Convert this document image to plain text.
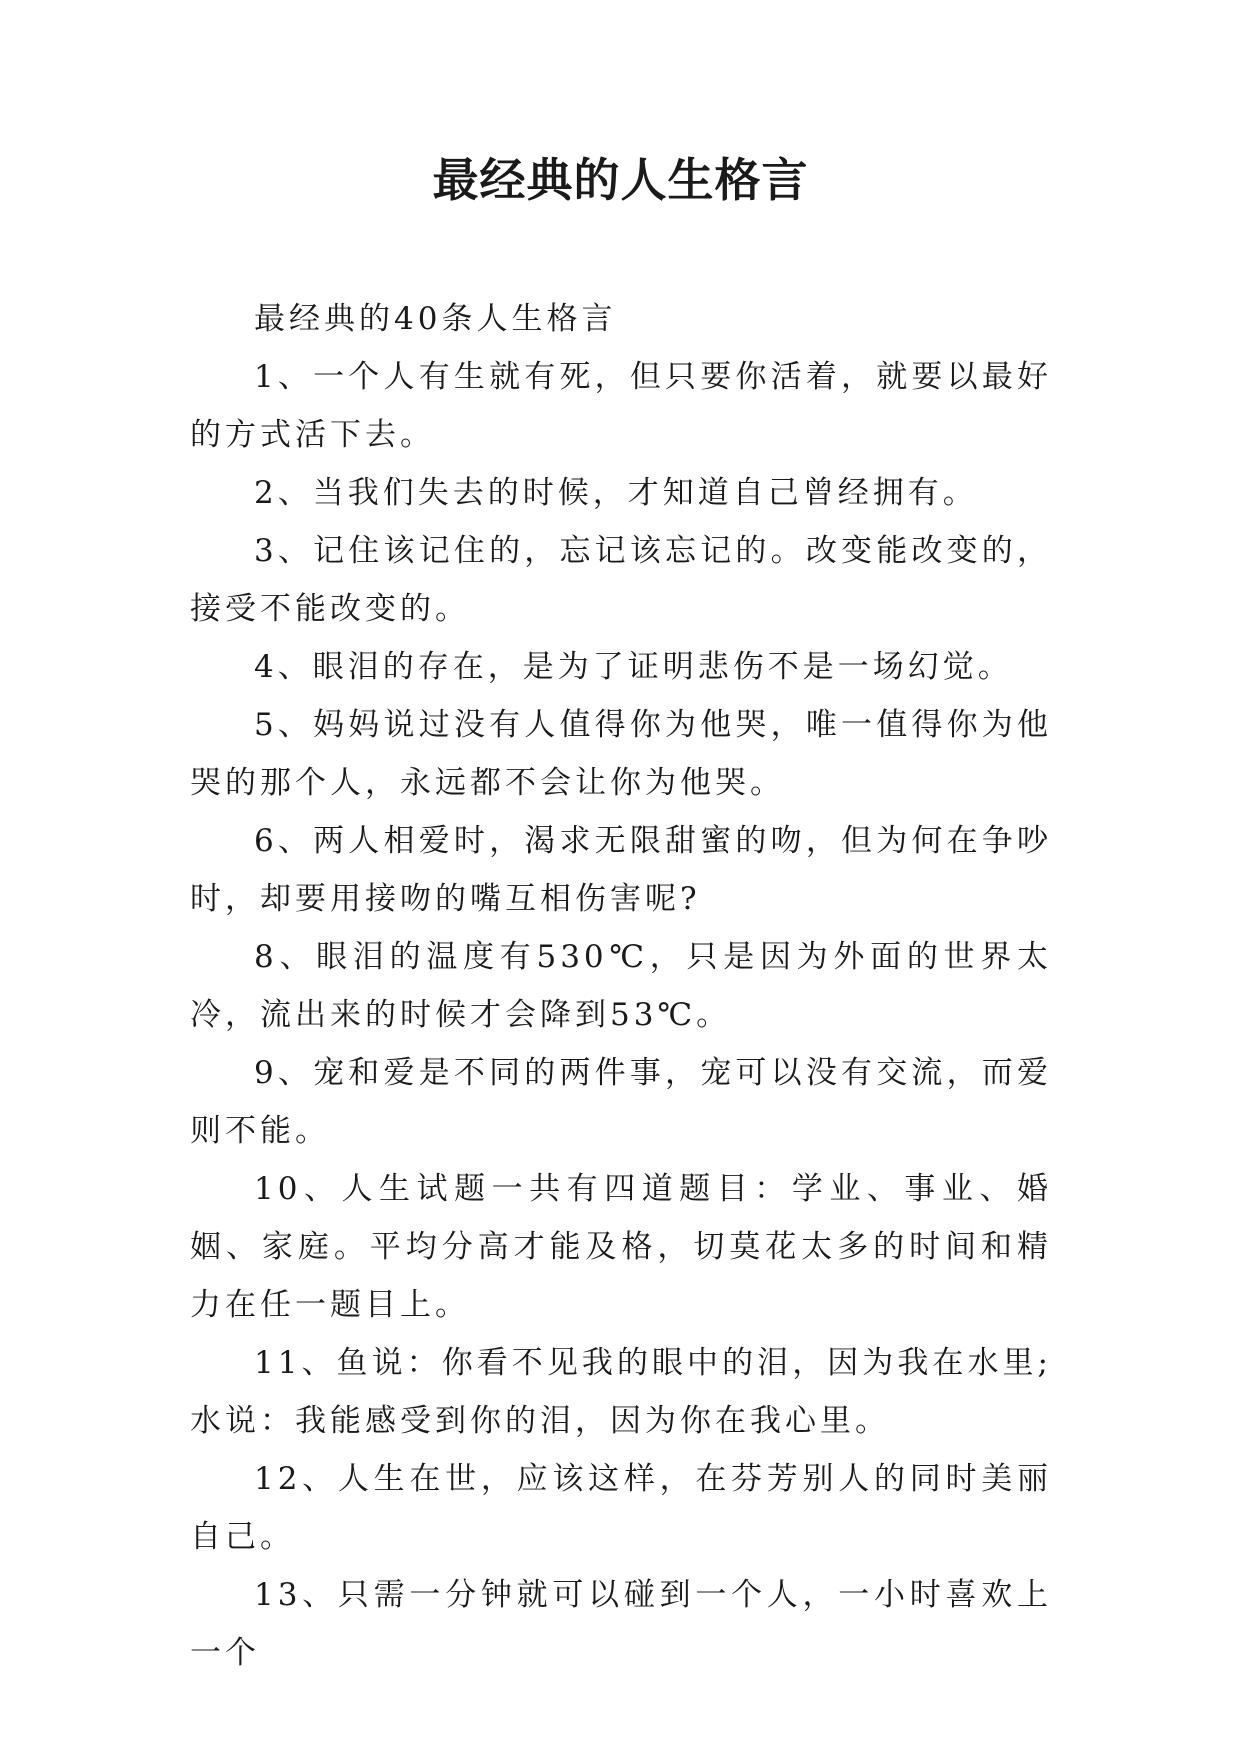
最经典的人生格言

最经典的40条人生格言

1、一个人有生就有死，但只要你活着，就要以最好的方式活下去。

2、当我们失去的时候，才知道自己曾经拥有。

3、记住该记住的，忘记该忘记的。改变能改变的，接受不能改变的。

4、眼泪的存在，是为了证明悲伤不是一场幻觉。

5、妈妈说过没有人值得你为他哭，唯一值得你为他哭的那个人，永远都不会让你为他哭。

6、两人相爱时，渴求无限甜蜜的吻，但为何在争吵时，却要用接吻的嘴互相伤害呢?

8、眼泪的温度有530℃，只是因为外面的世界太冷，流出来的时候才会降到53℃。

9、宠和爱是不同的两件事，宠可以没有交流，而爱则不能。

10、人生试题一共有四道题目：学业、事业、婚姻、家庭。平均分高才能及格，切莫花太多的时间和精力在任一题目上。

11、鱼说：你看不见我的眼中的泪，因为我在水里;水说：我能感受到你的泪，因为你在我心里。

12、人生在世，应该这样，在芬芳别人的同时美丽自己。

13、只需一分钟就可以碰到一个人，一小时喜欢上一个
